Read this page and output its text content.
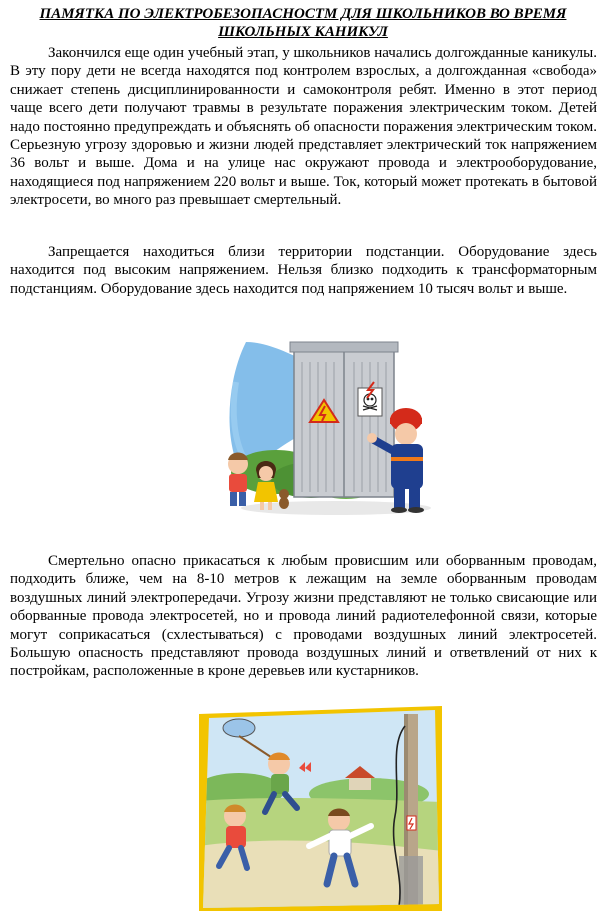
ПАМЯТКА ПО ЭЛЕКТРОБЕЗОПАСНОСТМ ДЛЯ ШКОЛЬНИКОВ ВО ВРЕМЯ ШКОЛЬНЫХ КАНИКУЛ

Закончился еще один учебный этап, у школьников начались долгожданные каникулы. В эту пору дети не всегда находятся под контролем взрослых, а долгожданная «свобода» снижает степень дисциплинированности и самоконтроля ребят. Именно в этот период чаще всего дети получают травмы в результате поражения электрическим током. Детей надо постоянно предупреждать и объяснять об опасности поражения электрическим током. Серьезную угрозу здоровью и жизни людей представляет электрический ток напряжением 36 вольт и выше. Дома и на улице нас окружают провода и электрооборудование, находящиеся под напряжением 220 вольт и выше. Ток, который может протекать в бытовой электросети, во много раз превышает смертельный.

Запрещается находиться близи территории подстанции. Оборудование здесь находится под высоким напряжением. Нельзя близко подходить к трансформаторным подстанциям. Оборудование здесь находится под напряжением 10 тысяч вольт и выше.

Смертельно опасно прикасаться к любым провисшим или оборванным проводам, подходить ближе, чем на 8-10 метров к лежащим на земле оборванным проводам воздушных линий электропередачи. Угрозу жизни представляют не только свисающие или оборванные провода электросетей, но и провода линий радиотелефонной связи, которые могут соприкасаться (схлестываться) с проводами воздушных линий электросетей. Большую опасность представляют провода воздушных линий и ответвлений от них к постройкам, расположенные в кроне деревьев или кустарников.
